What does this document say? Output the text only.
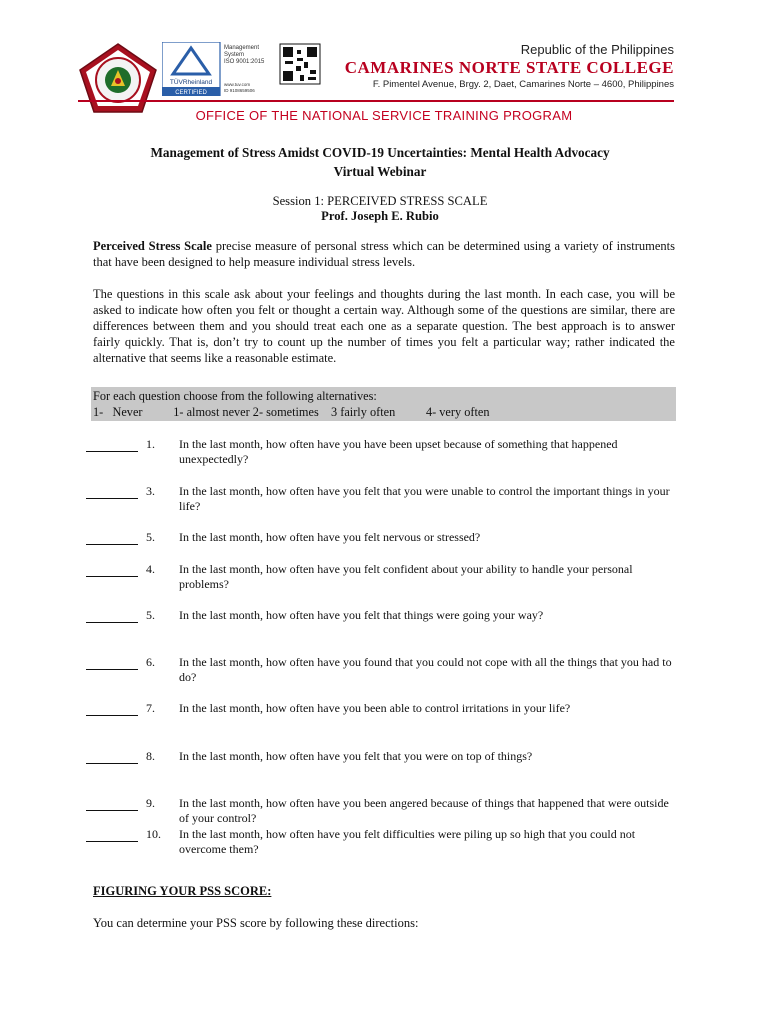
TÜVRheinland
CERTIFIED
Management
System
ISO 9001:2015
www.tuv.com
ID 9108659506
Republic of the Philippines
CAMARINES NORTE STATE COLLEGE
F. Pimentel Avenue, Brgy. 2, Daet, Camarines Norte – 4600, Philippines
OFFICE OF THE NATIONAL SERVICE TRAINING PROGRAM
Management of Stress Amidst COVID-19 Uncertainties: Mental Health Advocacy
Virtual Webinar
Session 1: PERCEIVED STRESS SCALE
Prof. Joseph E. Rubio
Perceived Stress Scale precise measure of personal stress which can be determined using a variety of instruments that have been designed to help measure individual stress levels.
The questions in this scale ask about your feelings and thoughts during the last month. In each case, you will be asked to indicate how often you felt or thought a certain way. Although some of the questions are similar, there are differences between them and you should treat each one as a separate question. The best approach is to answer fairly quickly. That is, don’t try to count up the number of times you felt a particular way; rather indicated the alternative that seems like a reasonable estimate.
For each question choose from the following alternatives:
1-   Never          1- almost never 2- sometimes    3 fairly often          4- very often
1.	In the last month, how often have you have been upset because of something that happened unexpectedly?
3.	In the last month, how often have you felt that you were unable to control the important things in your life?
5.	In the last month, how often have you felt nervous or stressed?
4.	In the last month, how often have you felt confident about your ability to handle your personal problems?
5.	In the last month, how often have you felt that things were going your way?
6.	In the last month, how often have you found that you could not cope with all the things that you had to do?
7.	In the last month, how often have you been able to control irritations in your life?
8.	In the last month, how often have you felt that you were on top of things?
9.	In the last month, how often have you been angered because of things that happened that were outside of your control?
10.	In the last month, how often have you felt difficulties were piling up so high that you could not overcome them?
FIGURING YOUR PSS SCORE:
You can determine your PSS score by following these directions:
